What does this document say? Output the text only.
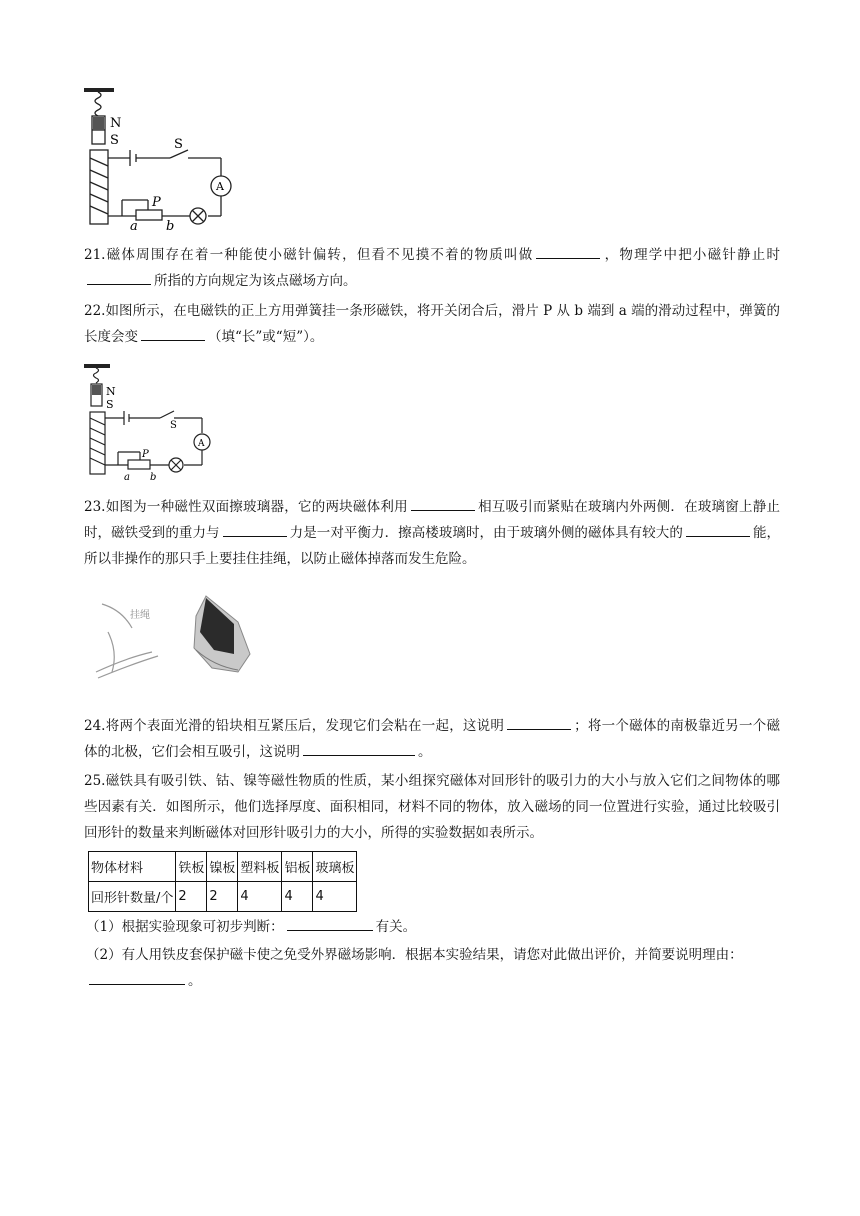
N
S	S
A
P
a b

21.磁体周围存在着一种能使小磁针偏转，但看不见摸不着的物质叫做	，物理学中把小磁针静止时所指的方向规定为该点磁场方向。

22.如图所示，在电磁铁的正上方用弹簧挂一条形磁铁，将开关闭合后，滑片 P 从 b 端到 a 端的滑动过程中，弹簧的长度会变	（填“长”或“短”）。

N
S
S
A
P
a b

23.如图为一种磁性双面擦玻璃器，它的两块磁体利用	相互吸引而紧贴在玻璃内外两侧．在玻璃窗上静止时，磁铁受到的重力与	力是一对平衡力．擦高楼玻璃时，由于玻璃外侧的磁体具有较大的	能，所以非操作的那只手上要挂住挂绳，以防止磁体掉落而发生危险。

挂绳

24.将两个表面光滑的铅块相互紧压后，发现它们会粘在一起，这说明	；将一个磁体的南极靠近另一个磁体的北极，它们会相互吸引，这说明	。

25.磁铁具有吸引铁、钴、镍等磁性物质的性质，某小组探究磁体对回形针的吸引力的大小与放入它们之间物体的哪些因素有关．如图所示，他们选择厚度、面积相同，材料不同的物体，放入磁场的同一位置进行实验，通过比较吸引回形针的数量来判断磁体对回形针吸引力的大小，所得的实验数据如表所示。

物体材料	铁板	镍板	塑料板	铝板	玻璃板
回形针数量/个	2	2	4	4	4

（1）根据实验现象可初步判断：	有关。

（2）有人用铁皮套保护磁卡使之免受外界磁场影响．根据本实验结果，请您对此做出评价，并简要说明理由：。
